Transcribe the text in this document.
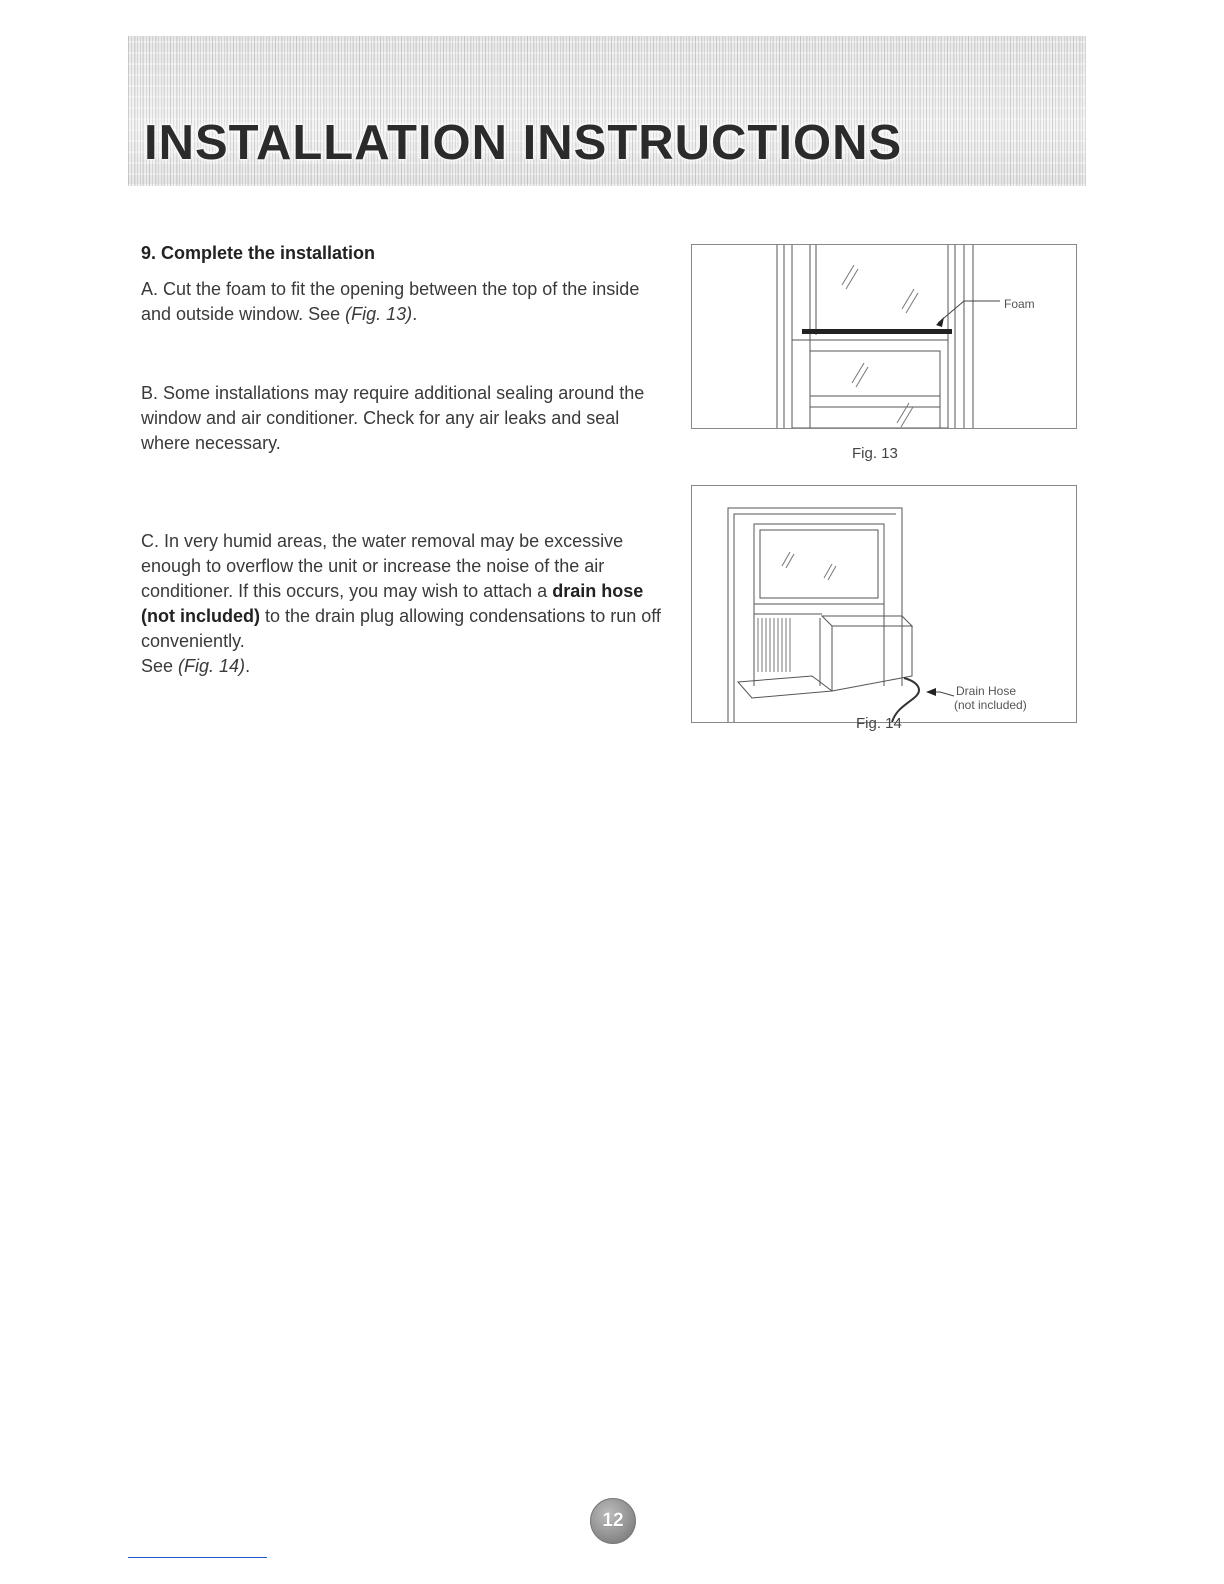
INSTALLATION INSTRUCTIONS
9. Complete the installation

A. Cut the foam to fit the opening between the top of the inside and outside window. See (Fig. 13).

B. Some installations may require additional sealing around the window and air conditioner. Check for any air leaks and seal where necessary.

C. In very humid areas, the water removal may be excessive enough to overflow the unit or increase the noise of the air conditioner. If this occurs, you may wish to attach a drain hose (not included) to the drain plug allowing condensations to run off conveniently.
See (Fig. 14).

Foam

Fig. 13

Drain Hose

(not included)

Fig. 14

12
